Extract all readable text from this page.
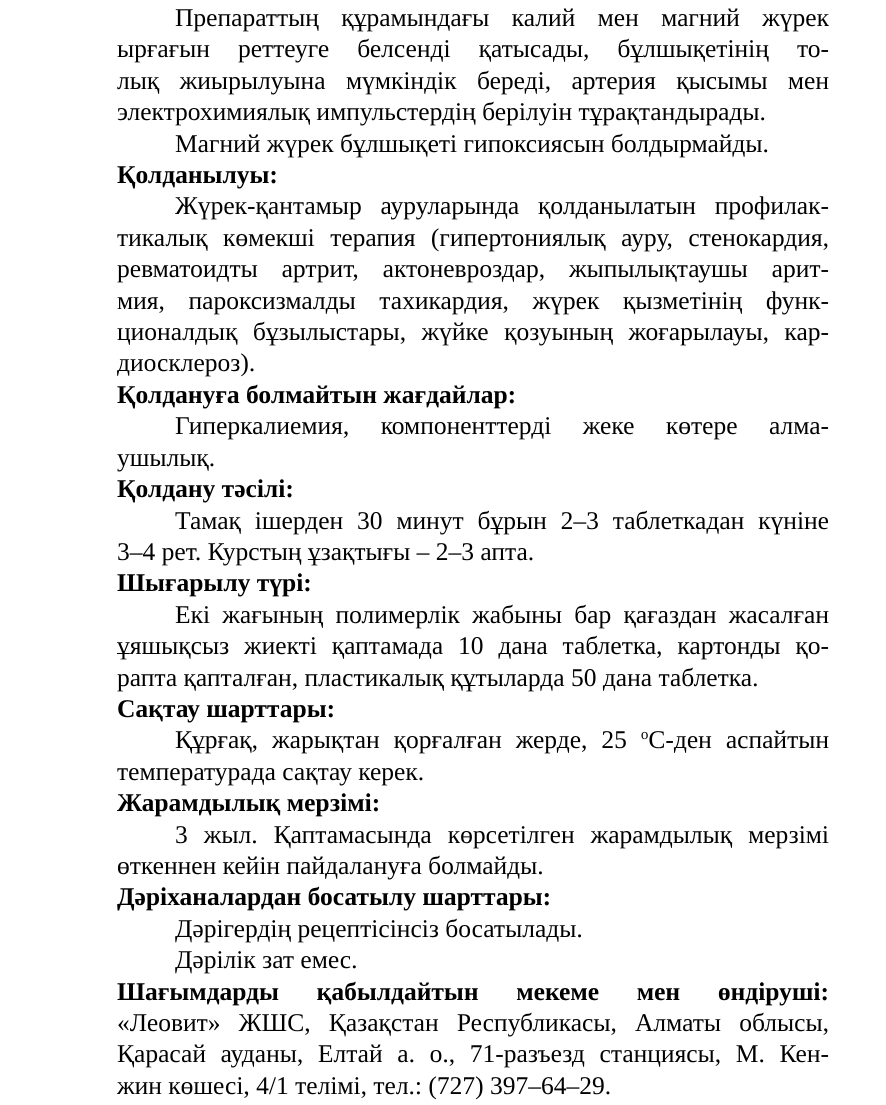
Препараттың құрамындағы калий мен магний жүрек
ырғағын реттеуге белсенді қатысады, бұлшықетінің то-
лық жиырылуына мүмкіндік береді, артерия қысымы мен
электрохимиялық импульстердің берілуін тұрақтандырады.
Магний жүрек бұлшықеті гипоксиясын болдырмайды.
Қолданылуы:
Жүрек-қантамыр ауруларында қолданылатын профилак-
тикалық көмекші терапия (гипертониялық ауру, стенокардия,
ревматоидты артрит, актоневроздар, жыпылықтаушы арит-
мия, пароксизмалды тахикардия, жүрек қызметінің функ-
ционалдық бұзылыстары, жүйке қозуының жоғарылауы, кар-
диосклероз).
Қолдануға болмайтын жағдайлар:
Гиперкалиемия, компоненттерді жеке көтере алма-
ушылық.
Қолдану тәсілі:
Тамақ ішерден 30 минут бұрын 2–3 таблеткадан күніне
3–4 рет. Курстың ұзақтығы – 2–3 апта.
Шығарылу түрі:
Екі жағының полимерлік жабыны бар қағаздан жасалған
ұяшықсыз жиекті қаптамада 10 дана таблетка, картонды қо-
рапта қапталған, пластикалық құтыларда 50 дана таблетка.
Сақтау шарттары:
Құрғақ, жарықтан қорғалған жерде, 25 $^о$С-ден аспайтын
температурада сақтау керек.
Жарамдылық мерзімі:
3 жыл. Қаптамасында көрсетілген жарамдылық мерзімі
өткеннен кейін пайдалануға болмайды.
Дәріханалардан босатылу шарттары:
Дәрігердің рецептісінсіз босатылады.
Дәрілік зат емес.
Шағымдарды қабылдайтын мекеме мен өндіруші:
«Леовит» ЖШС, Қазақстан Республикасы, Алматы облысы,
Қарасай ауданы, Елтай а. о., 71-разъезд станциясы, М. Кен-
жин көшесі, 4/1 телімі, тел.: (727) 397–64–29.
